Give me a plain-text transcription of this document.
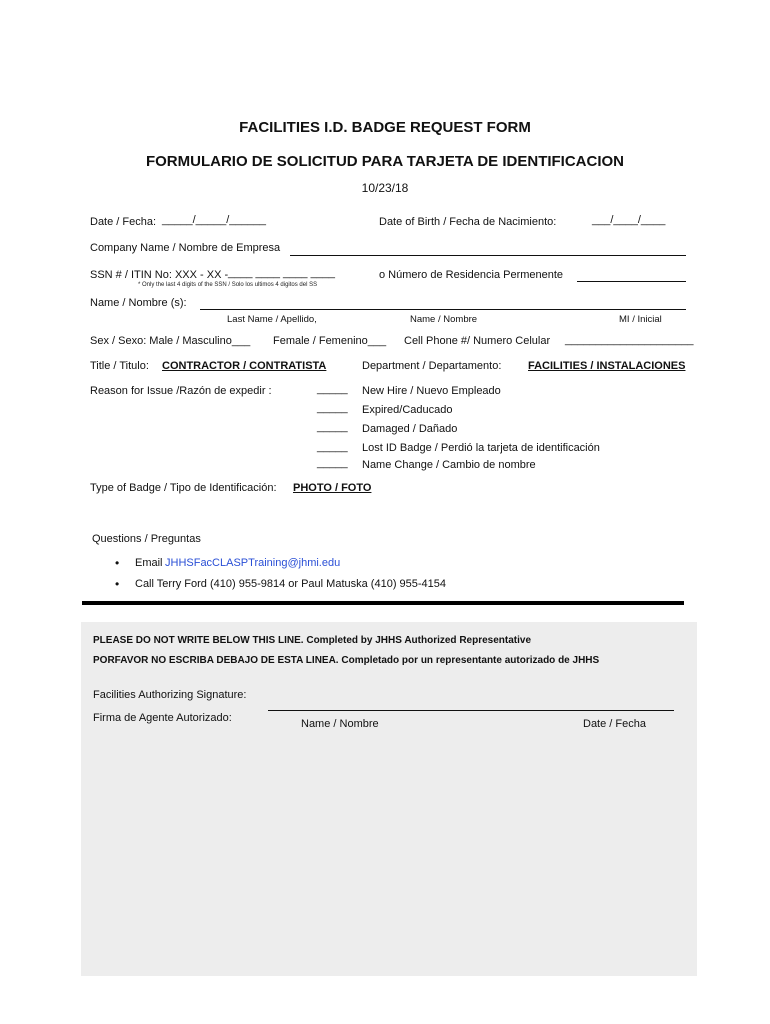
FACILITIES I.D. BADGE REQUEST FORM
FORMULARIO DE SOLICITUD PARA TARJETA DE IDENTIFICACION
10/23/18
Date / Fecha: _____/_____/______	Date of Birth / Fecha de Nacimiento:	___/____/____
Company Name / Nombre de Empresa
SSN # / ITIN No: XXX - XX - ____ ____ ____ ____
* Only the last 4 digits of the SSN / Solo los ultimos 4 digitos del SS
o Número de Residencia Permenente
Name / Nombre (s):
Last Name / Apellido,	Name / Nombre	MI / Inicial
Sex / Sexo: Male / Masculino___ Female / Femenino___ Cell Phone #/ Numero Celular _____________________
Title / Titulo: CONTRACTOR / CONTRATISTA	Department / Departamento: FACILITIES / INSTALACIONES
Reason for Issue /Razón de expedir :	_____ New Hire / Nuevo Empleado
_____ Expired/Caducado
_____ Damaged / Dañado
_____ Lost ID Badge / Perdió la tarjeta de identificación
_____ Name Change / Cambio de nombre
Type of Badge / Tipo de Identificación: PHOTO / FOTO
Questions / Preguntas
• Email JHHSFacCLASPTraining@jhmi.edu
• Call Terry Ford (410) 955-9814 or Paul Matuska (410) 955-4154
PLEASE DO NOT WRITE BELOW THIS LINE. Completed by JHHS Authorized Representative
PORFAVOR NO ESCRIBA DEBAJO DE ESTA LINEA. Completado por un representante autorizado de JHHS
Facilities Authorizing Signature:
Firma de Agente Autorizado:	Name / Nombre	Date / Fecha
